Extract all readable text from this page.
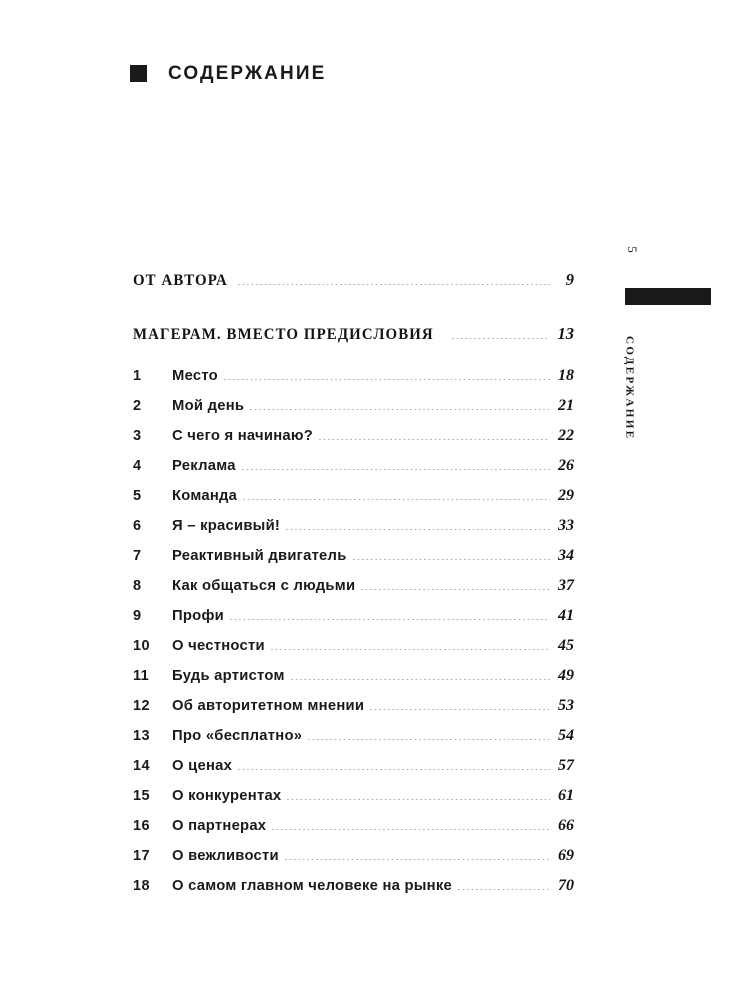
СОДЕРЖАНИЕ
ОТ АВТОРА	9
МАГЕРАМ. ВМЕСТО ПРЕДИСЛОВИЯ	13
1	Место	18
2	Мой день	21
3	С чего я начинаю?	22
4	Реклама	26
5	Команда	29
6	Я – красивый!	33
7	Реактивный двигатель	34
8	Как общаться с людьми	37
9	Профи	41
10	О честности	45
11	Будь артистом	49
12	Об авторитетном мнении	53
13	Про «бесплатно»	54
14	О ценах	57
15	О конкурентах	61
16	О партнерах	66
17	О вежливости	69
18	О самом главном человеке на рынке	70
5
СОДЕРЖАНИЕ
